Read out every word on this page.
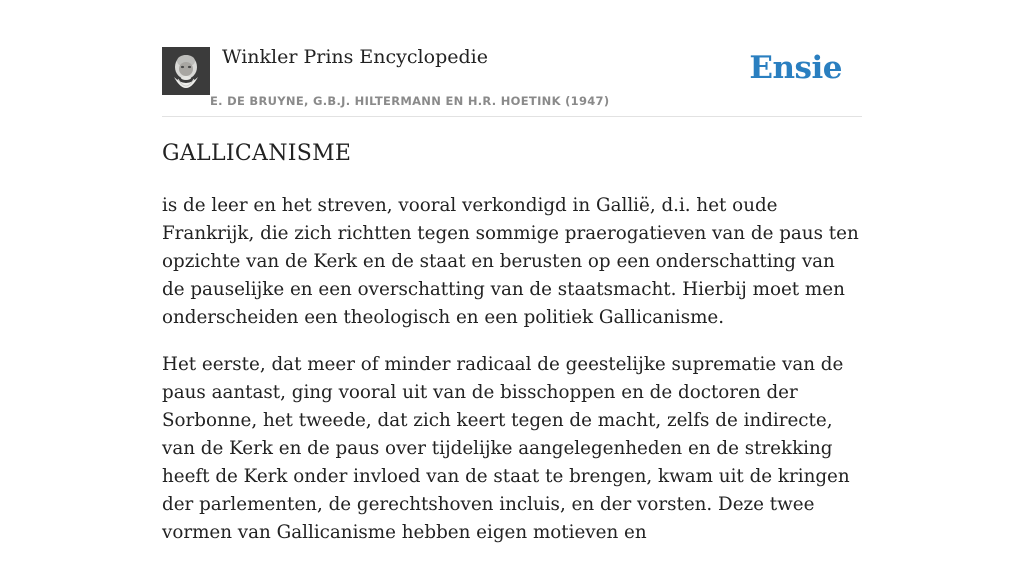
Winkler Prins Encyclopedie
E. DE BRUYNE, G.B.J. HILTERMANN EN H.R. HOETINK (1947)
Ensie
GALLICANISME

is de leer en het streven, vooral verkondigd in Gallië, d.i. het oude Frankrijk, die zich richtten tegen sommige praerogatieven van de paus ten opzichte van de Kerk en de staat en berusten op een onderschatting van de pauselijke en een overschatting van de staatsmacht. Hierbij moet men onderscheiden een theologisch en een politiek Gallicanisme.

Het eerste, dat meer of minder radicaal de geestelijke suprematie van de paus aantast, ging vooral uit van de bisschoppen en de doctoren der Sorbonne, het tweede, dat zich keert tegen de macht, zelfs de indirecte, van de Kerk en de paus over tijdelijke aangelegenheden en de strekking heeft de Kerk onder invloed van de staat te brengen, kwam uit de kringen der parlementen, de gerechtshoven incluis, en der vorsten. Deze twee vormen van Gallicanisme hebben eigen motieven en
